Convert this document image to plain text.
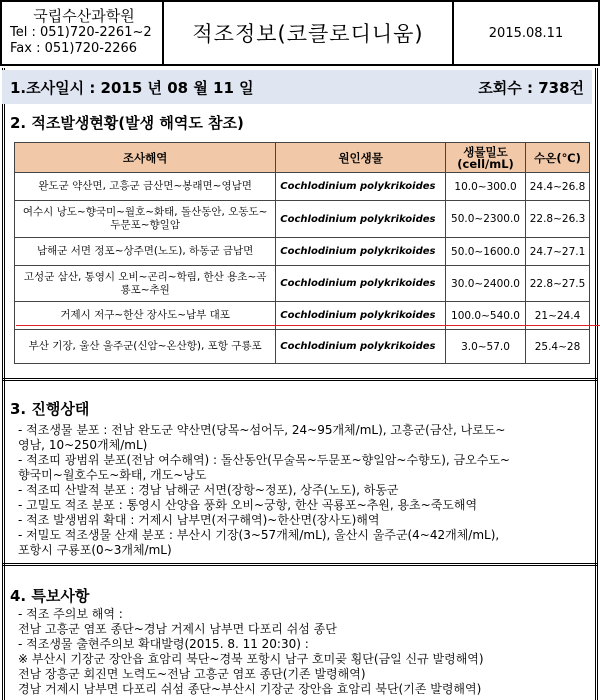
국립수산과학원
Tel : 051)720-2261~2
Fax : 051)720-2266
적조정보(코클로디니움)	2015.08.11
1.조사일시 : 2015 년 08 월 11 일	조회수 : 738건
2. 적조발생현황(발생 해역도 참조)
조사해역	원인생물	생물밀도 (cell/mL)	수온(℃)
완도군 약산면, 고흥군 금산면~봉래면~영남면	Cochlodinium polykrikoides	10.0~300.0	24.4~26.8
여수시 낭도~향국미~월호~화태, 돌산동안, 오동도~두문포~향일암	Cochlodinium polykrikoides	50.0~2300.0	22.8~26.3
남해군 서면 정포~상주면(노도), 하동군 금남면	Cochlodinium polykrikoides	50.0~1600.0	24.7~27.1
고성군 삼산, 통영시 오비~곤리~학림, 한산 용초~곡룡포~추원	Cochlodinium polykrikoides	30.0~2400.0	22.8~27.5
거제시 저구~한산 장사도~남부 대포	Cochlodinium polykrikoides	100.0~540.0	21~24.4
부산 기장, 울산 울주군(신암~온산항), 포항 구룡포	Cochlodinium polykrikoides	3.0~57.0	25.4~28
3. 진행상태

- 적조생물 분포 : 전남 완도군 약산면(당목~섬어두, 24~95개체/mL), 고흥군(금산, 나로도~

영남, 10~250개체/mL)

- 적조띠 광범위 분포(전남 여수해역) : 돌산동안(무술목~두문포~향일암~수향도), 금오수도~

향국미~월호수도~화태, 개도~낭도

- 적조띠 산발적 분포 : 경남 남해군 서면(장항~정포), 상주(노도), 하동군

- 고밀도 적조 분포 : 통영시 산양읍 풍화 오비~궁항, 한산 곡룡포~추원, 용초~죽도해역

- 적조 발생범위 확대 : 거제시 남부면(저구해역)~한산면(장사도)해역

- 저밀도 적조생물 산재 분포 : 부산시 기장(3~57개체/mL), 울산시 울주군(4~42개체/mL),

포항시 구룡포(0~3개체/mL)

4. 특보사항

- 적조 주의보 해역 :

전남 고흥군 염포 종단~경남 거제시 남부면 다포리 쉬섬 종단

- 적조생물 출현주의보 확대발령(2015. 8. 11 20:30) :

※ 부산시 기장군 장안읍 효암리 북단~경북 포항시 남구 호미곶 횡단(금일 신규 발령해역)

전남 장흥군 회진면 노력도~전남 고흥군 염포 종단(기존 발령해역)

경남 거제시 남부면 다포리 쉬섬 종단~부산시 기장군 장안읍 효암리 북단(기존 발령해역)
